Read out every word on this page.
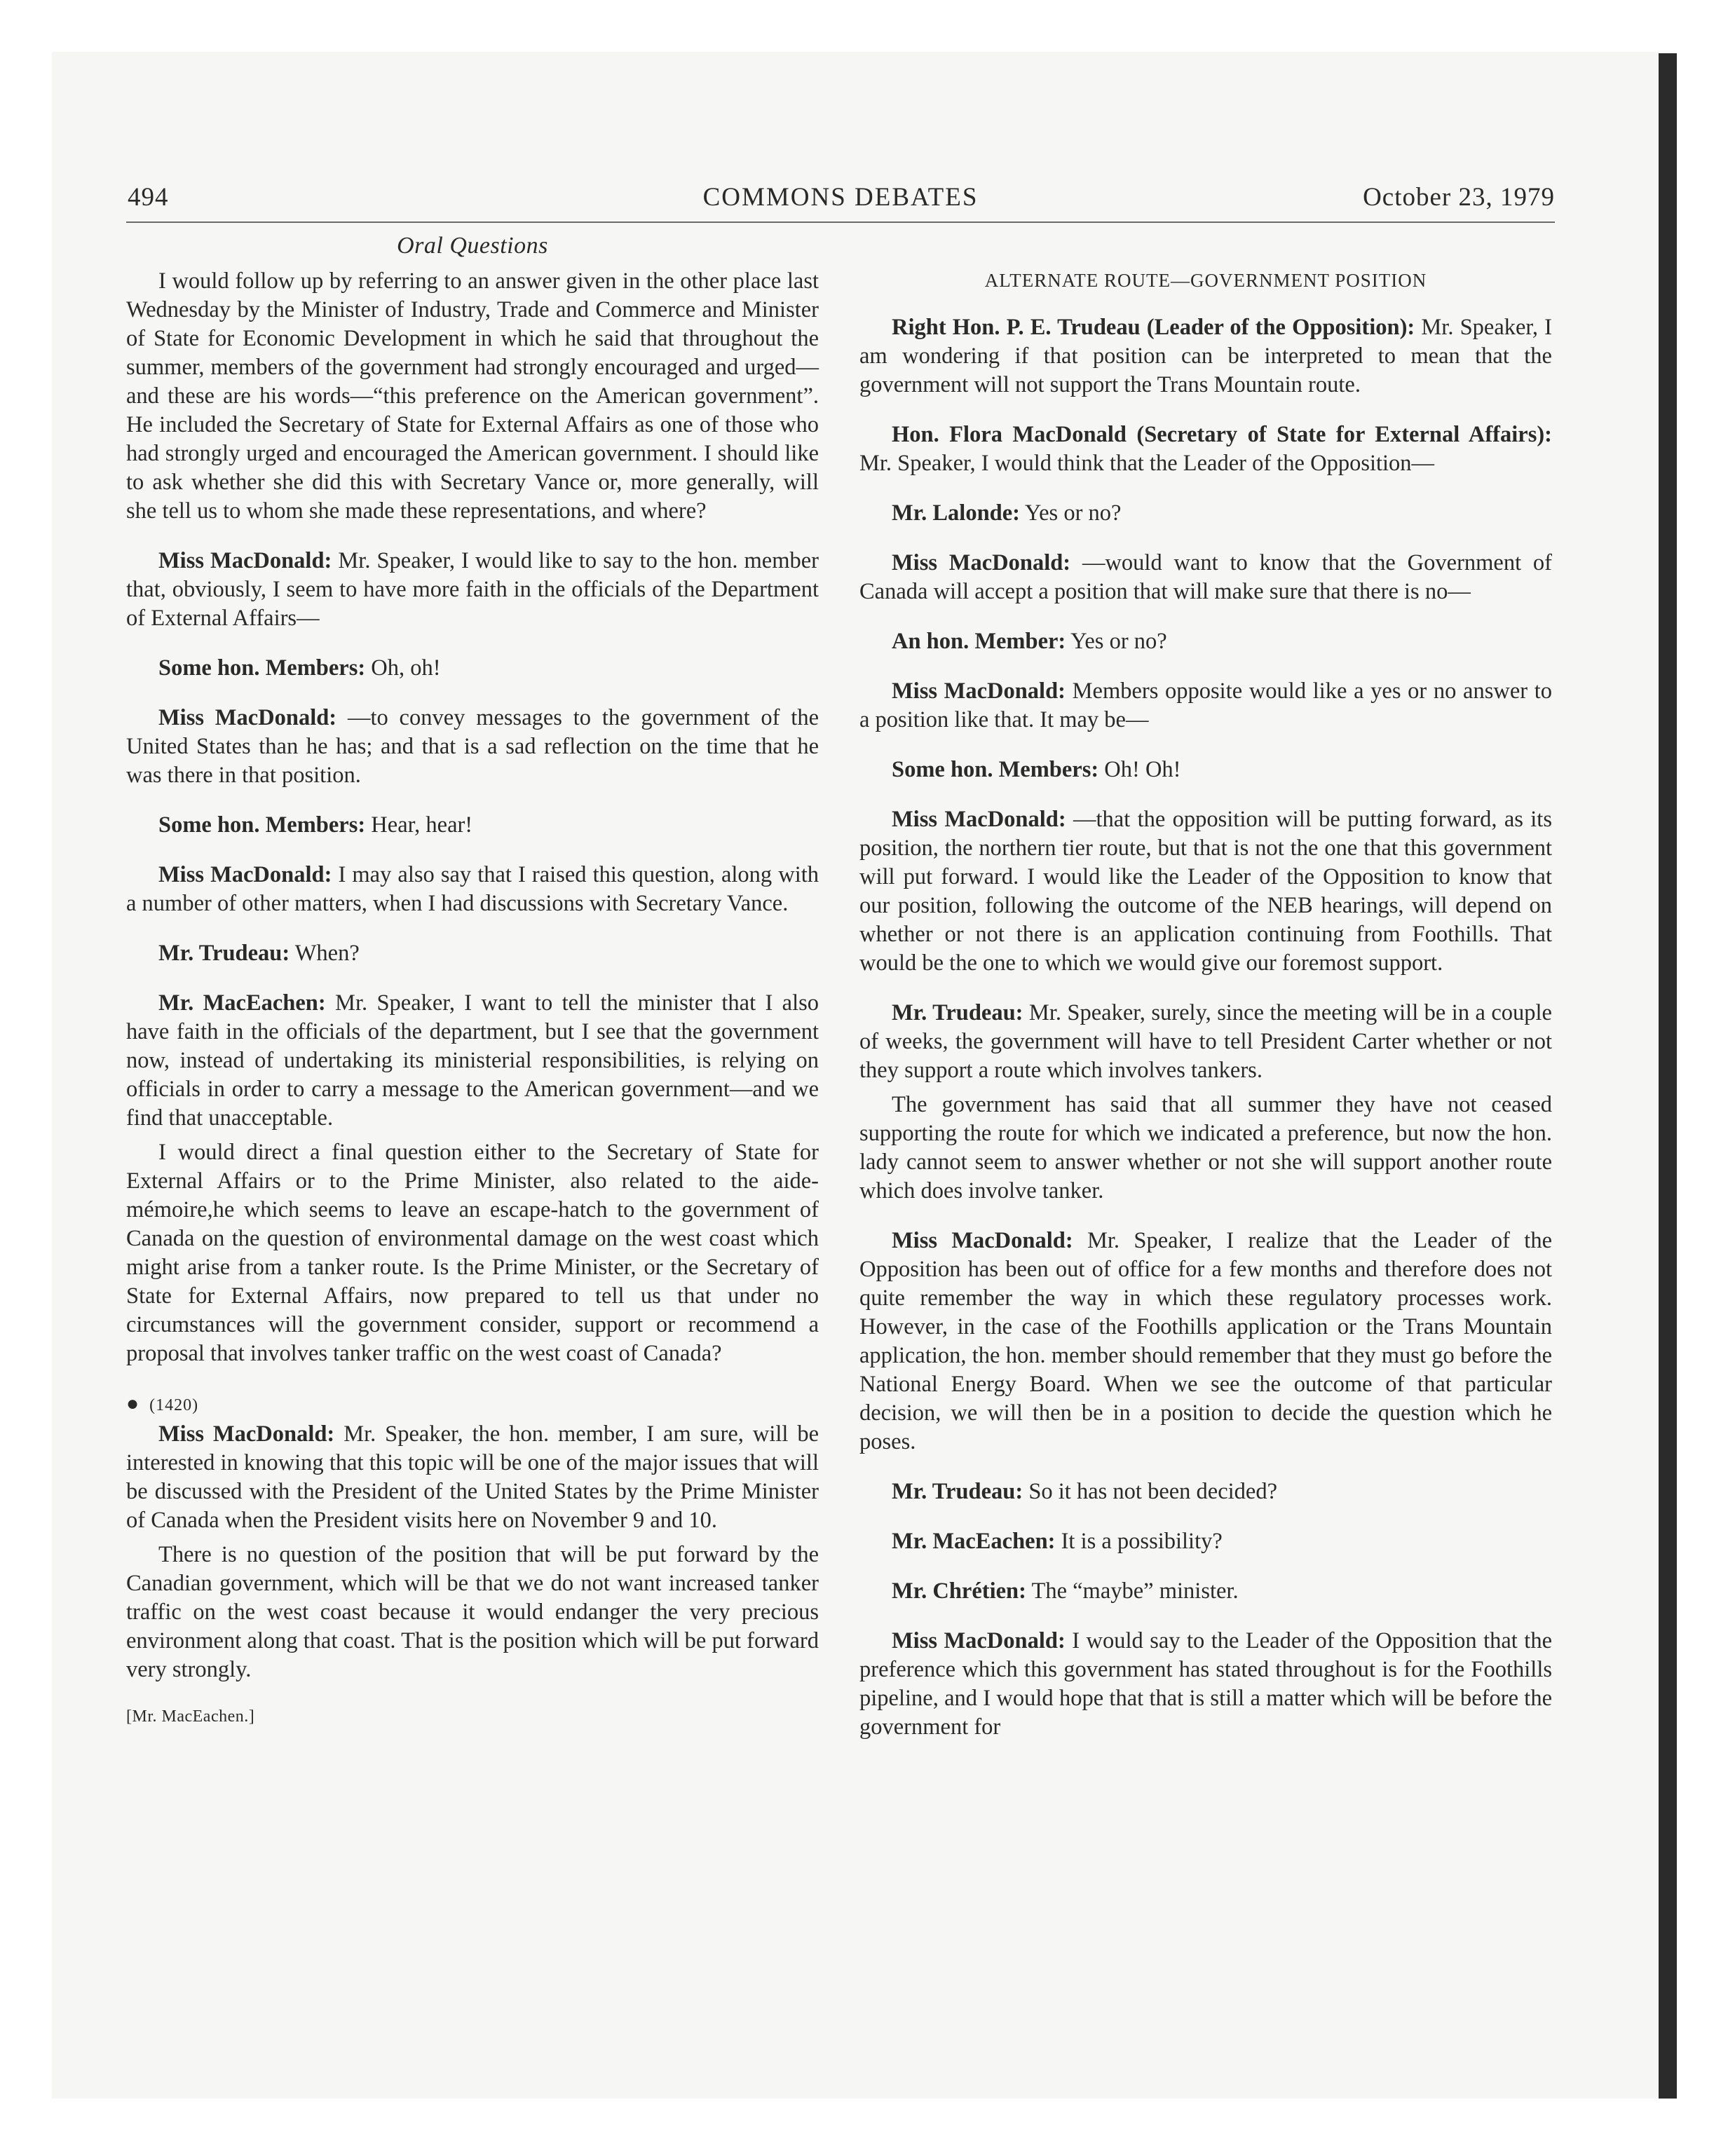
494	COMMONS DEBATES	October 23, 1979
Oral Questions

I would follow up by referring to an answer given in the other place last Wednesday by the Minister of Industry, Trade and Commerce and Minister of State for Economic Development in which he said that throughout the summer, members of the government had strongly encouraged and urged—and these are his words—“this preference on the American government”. He included the Secretary of State for External Affairs as one of those who had strongly urged and encouraged the American government. I should like to ask whether she did this with Secretary Vance or, more generally, will she tell us to whom she made these representations, and where?

Miss MacDonald: Mr. Speaker, I would like to say to the hon. member that, obviously, I seem to have more faith in the officials of the Department of External Affairs—

Some hon. Members: Oh, oh!

Miss MacDonald: —to convey messages to the government of the United States than he has; and that is a sad reflection on the time that he was there in that position.

Some hon. Members: Hear, hear!

Miss MacDonald: I may also say that I raised this question, along with a number of other matters, when I had discussions with Secretary Vance.

Mr. Trudeau: When?

Mr. MacEachen: Mr. Speaker, I want to tell the minister that I also have faith in the officials of the department, but I see that the government now, instead of undertaking its ministerial responsibilities, is relying on officials in order to carry a message to the American government—and we find that unacceptable.

I would direct a final question either to the Secretary of State for External Affairs or to the Prime Minister, also related to the aide-mémoire,he which seems to leave an escape-hatch to the government of Canada on the question of environmental damage on the west coast which might arise from a tanker route. Is the Prime Minister, or the Secretary of State for External Affairs, now prepared to tell us that under no circumstances will the government consider, support or recommend a proposal that involves tanker traffic on the west coast of Canada?

● (1420)

Miss MacDonald: Mr. Speaker, the hon. member, I am sure, will be interested in knowing that this topic will be one of the major issues that will be discussed with the President of the United States by the Prime Minister of Canada when the President visits here on November 9 and 10.

There is no question of the position that will be put forward by the Canadian government, which will be that we do not want increased tanker traffic on the west coast because it would endanger the very precious environment along that coast. That is the position which will be put forward very strongly.

[Mr. MacEachen.]
ALTERNATE ROUTE—GOVERNMENT POSITION

Right Hon. P. E. Trudeau (Leader of the Opposition): Mr. Speaker, I am wondering if that position can be interpreted to mean that the government will not support the Trans Mountain route.

Hon. Flora MacDonald (Secretary of State for External Affairs): Mr. Speaker, I would think that the Leader of the Opposition—

Mr. Lalonde: Yes or no?

Miss MacDonald: —would want to know that the Government of Canada will accept a position that will make sure that there is no—

An hon. Member: Yes or no?

Miss MacDonald: Members opposite would like a yes or no answer to a position like that. It may be—

Some hon. Members: Oh! Oh!

Miss MacDonald: —that the opposition will be putting forward, as its position, the northern tier route, but that is not the one that this government will put forward. I would like the Leader of the Opposition to know that our position, following the outcome of the NEB hearings, will depend on whether or not there is an application continuing from Foothills. That would be the one to which we would give our foremost support.

Mr. Trudeau: Mr. Speaker, surely, since the meeting will be in a couple of weeks, the government will have to tell President Carter whether or not they support a route which involves tankers.

The government has said that all summer they have not ceased supporting the route for which we indicated a preference, but now the hon. lady cannot seem to answer whether or not she will support another route which does involve tanker.

Miss MacDonald: Mr. Speaker, I realize that the Leader of the Opposition has been out of office for a few months and therefore does not quite remember the way in which these regulatory processes work. However, in the case of the Foothills application or the Trans Mountain application, the hon. member should remember that they must go before the National Energy Board. When we see the outcome of that particular decision, we will then be in a position to decide the question which he poses.

Mr. Trudeau: So it has not been decided?

Mr. MacEachen: It is a possibility?

Mr. Chrétien: The “maybe” minister.

Miss MacDonald: I would say to the Leader of the Opposition that the preference which this government has stated throughout is for the Foothills pipeline, and I would hope that that is still a matter which will be before the government for
